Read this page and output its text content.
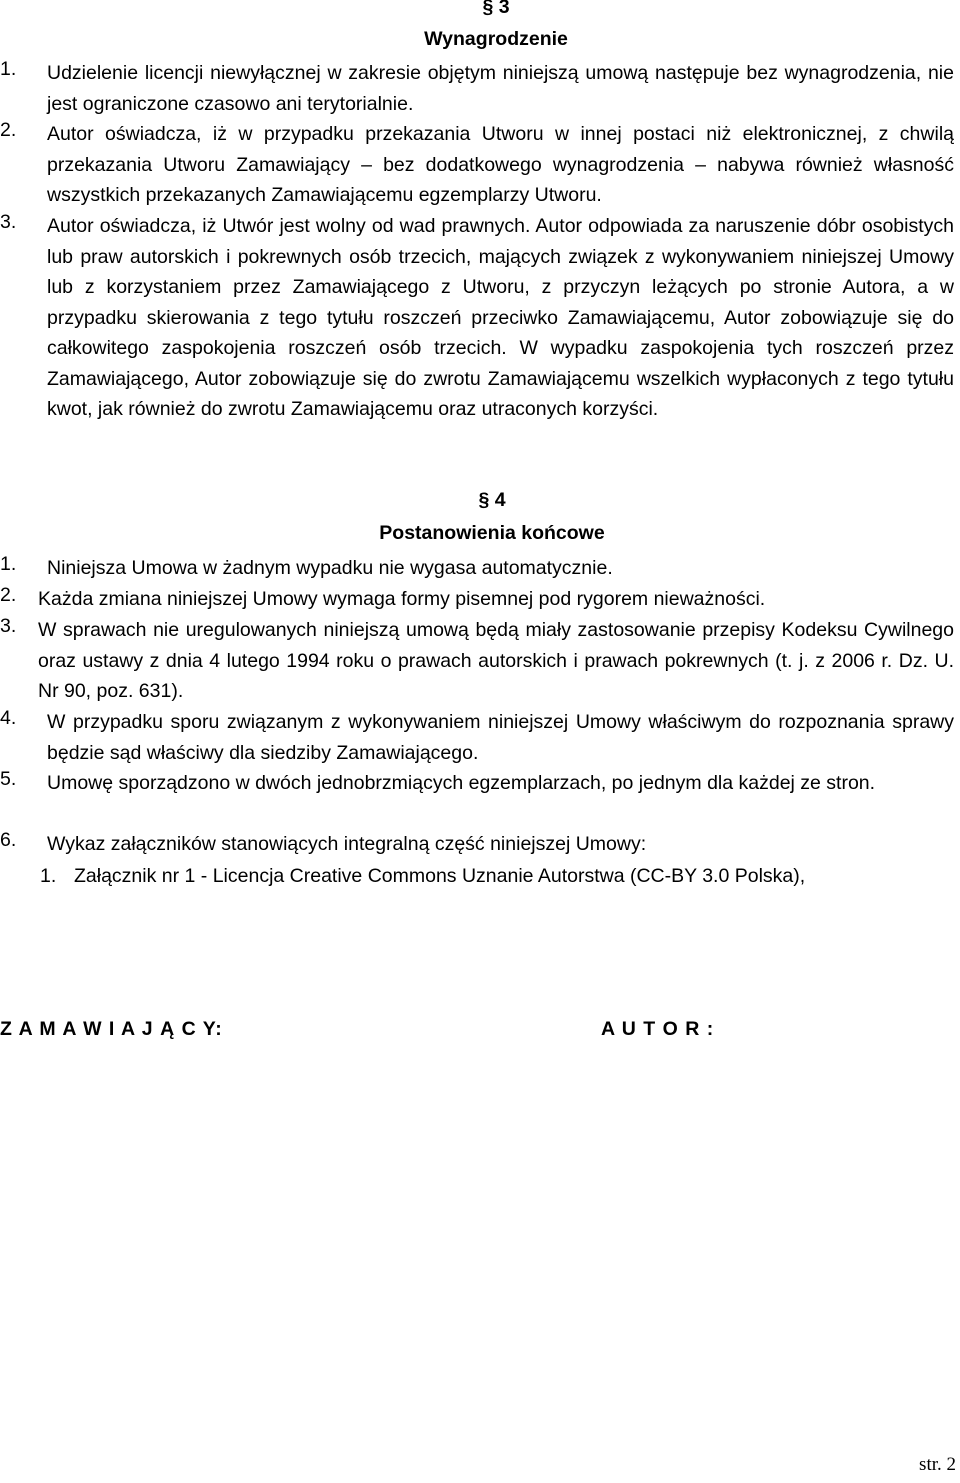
§ 3
Wynagrodzenie
1. Udzielenie licencji niewyłącznej w zakresie objętym niniejszą umową następuje bez wynagrodzenia, nie jest ograniczone czasowo ani terytorialnie.
2. Autor oświadcza, iż w przypadku przekazania Utworu w innej postaci niż elektronicznej, z chwilą przekazania Utworu Zamawiający – bez dodatkowego wynagrodzenia – nabywa również własność wszystkich przekazanych Zamawiającemu egzemplarzy Utworu.
3. Autor oświadcza, iż Utwór jest wolny od wad prawnych. Autor odpowiada za naruszenie dóbr osobistych lub praw autorskich i pokrewnych osób trzecich, mających związek z wykonywaniem niniejszej Umowy lub z korzystaniem przez Zamawiającego z Utworu, z przyczyn leżących po stronie Autora, a w przypadku skierowania z tego tytułu roszczeń przeciwko Zamawiającemu, Autor zobowiązuje się do całkowitego zaspokojenia roszczeń osób trzecich. W wypadku zaspokojenia tych roszczeń przez Zamawiającego, Autor zobowiązuje się do zwrotu Zamawiającemu wszelkich wypłaconych z tego tytułu kwot, jak również do zwrotu Zamawiającemu oraz utraconych korzyści.
§ 4
Postanowienia końcowe
1. Niniejsza Umowa w żadnym wypadku nie wygasa automatycznie.
2. Każda zmiana niniejszej Umowy wymaga formy pisemnej pod rygorem nieważności.
3. W sprawach nie uregulowanych niniejszą umową będą miały zastosowanie przepisy Kodeksu Cywilnego oraz ustawy z dnia 4 lutego 1994 roku o prawach autorskich i prawach pokrewnych (t. j. z 2006 r. Dz. U. Nr 90, poz. 631).
4. W przypadku sporu związanym z wykonywaniem niniejszej Umowy właściwym do rozpoznania sprawy będzie sąd właściwy dla siedziby Zamawiającego.
5. Umowę sporządzono w dwóch jednobrzmiących egzemplarzach, po jednym dla każdej ze stron.
6. Wykaz załączników stanowiących integralną część niniejszej Umowy:
1. Załącznik nr 1 - Licencja Creative Commons Uznanie Autorstwa (CC-BY 3.0 Polska),
Z A M A W I A J Ą C Y:	A U T O R :
str. 2
